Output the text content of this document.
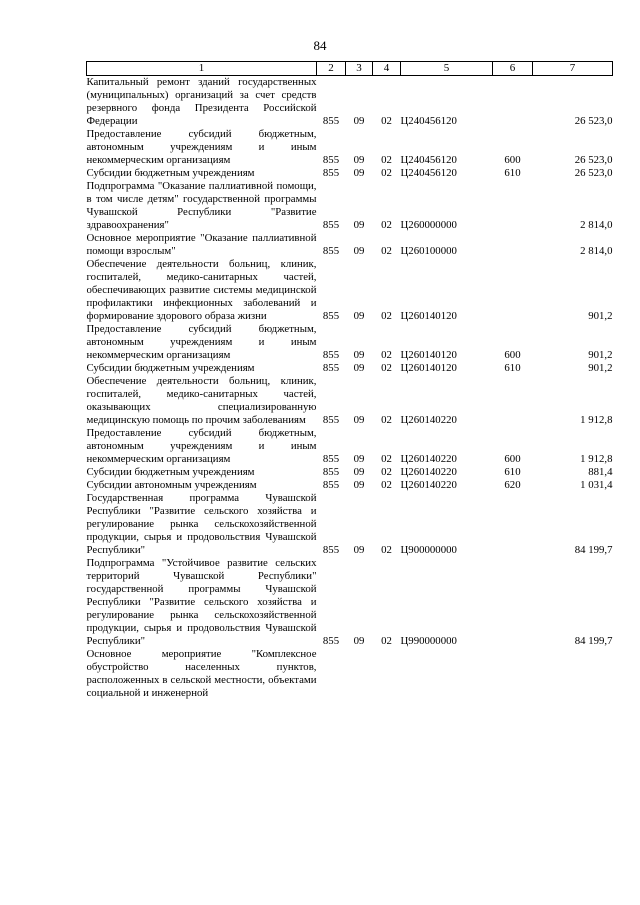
84
1	2	3	4	5	6	7
Капитальный ремонт зданий государственных (муниципальных) организаций за счет средств резервного фонда Президента Российской Федерации	855	09	02	Ц240456120		26 523,0
Предоставление субсидий бюджетным, автономным учреждениям и иным некоммерческим организациям	855	09	02	Ц240456120	600	26 523,0
Субсидии бюджетным учреждениям	855	09	02	Ц240456120	610	26 523,0
Подпрограмма "Оказание паллиативной помощи, в том числе детям" государственной программы Чувашской Республики "Развитие здравоохранения"	855	09	02	Ц260000000		2 814,0
Основное мероприятие "Оказание паллиативной помощи взрослым"	855	09	02	Ц260100000		2 814,0
Обеспечение деятельности больниц, клиник, госпиталей, медико-санитарных частей, обеспечивающих развитие системы медицинской профилактики инфекционных заболеваний и формирование здорового образа жизни	855	09	02	Ц260140120		901,2
Предоставление субсидий бюджетным, автономным учреждениям и иным некоммерческим организациям	855	09	02	Ц260140120	600	901,2
Субсидии бюджетным учреждениям	855	09	02	Ц260140120	610	901,2
Обеспечение деятельности больниц, клиник, госпиталей, медико-санитарных частей, оказывающих специализированную медицинскую помощь по прочим заболеваниям	855	09	02	Ц260140220		1 912,8
Предоставление субсидий бюджетным, автономным учреждениям и иным некоммерческим организациям	855	09	02	Ц260140220	600	1 912,8
Субсидии бюджетным учреждениям	855	09	02	Ц260140220	610	881,4
Субсидии автономным учреждениям	855	09	02	Ц260140220	620	1 031,4
Государственная программа Чувашской Республики "Развитие сельского хозяйства и регулирование рынка сельскохозяйственной продукции, сырья и продовольствия Чувашской Республики"	855	09	02	Ц900000000		84 199,7
Подпрограмма "Устойчивое развитие сельских территорий Чувашской Республики" государственной программы Чувашской Республики "Развитие сельского хозяйства и регулирование рынка сельскохозяйственной продукции, сырья и продовольствия Чувашской Республики"	855	09	02	Ц990000000		84 199,7
Основное мероприятие "Комплексное обустройство населенных пунктов, расположенных в сельской местности, объектами социальной и инженерной						
